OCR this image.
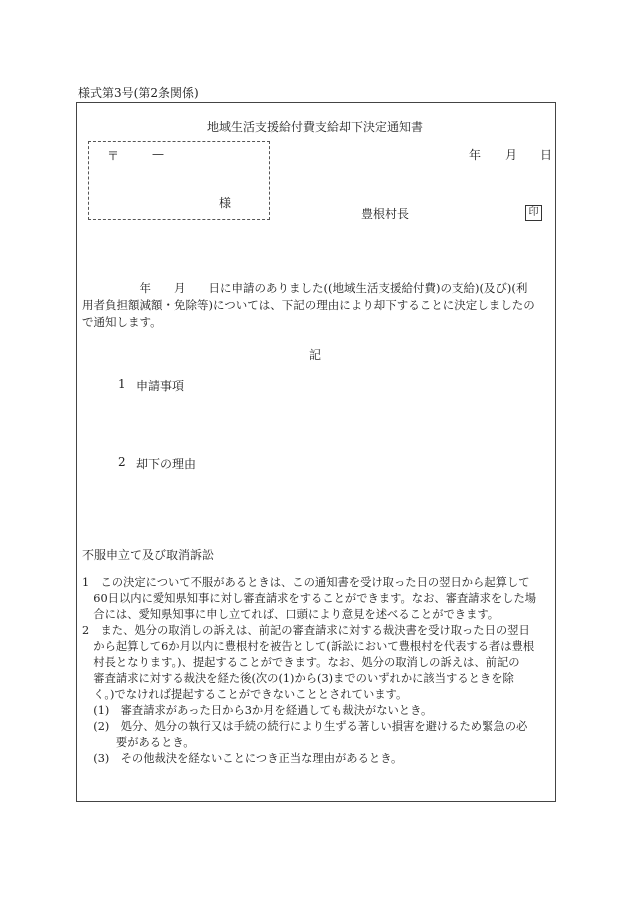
様式第3号(第2条関係)
地域生活支援給付費支給却下決定通知書
〒	—
様
年 月 日
豊根村長	印
　　　　　年　　月　　日に申請のありました((地域生活支援給付費)の支給)(及び)(利
用者負担額減額・免除等)については、下記の理由により却下することに決定しましたの
で通知します。
記
1 申請事項
2 却下の理由
不服申立て及び取消訴訟
1　この決定について不服があるときは、この通知書を受け取った日の翌日から起算して
　60日以内に愛知県知事に対し審査請求をすることができます。なお、審査請求をした場
　合には、愛知県知事に申し立てれば、口頭により意見を述べることができます。
2　また、処分の取消しの訴えは、前記の審査請求に対する裁決書を受け取った日の翌日
　から起算して6か月以内に豊根村を被告として(訴訟において豊根村を代表する者は豊根
　村長となります。)、提起することができます。なお、処分の取消しの訴えは、前記の
　審査請求に対する裁決を経た後(次の(1)から(3)までのいずれかに該当するときを除
　く。)でなければ提起することができないこととされています。
　(1)　審査請求があった日から3か月を経過しても裁決がないとき。
　(2)　処分、処分の執行又は手続の続行により生ずる著しい損害を避けるため緊急の必
　　　要があるとき。
　(3)　その他裁決を経ないことにつき正当な理由があるとき。
